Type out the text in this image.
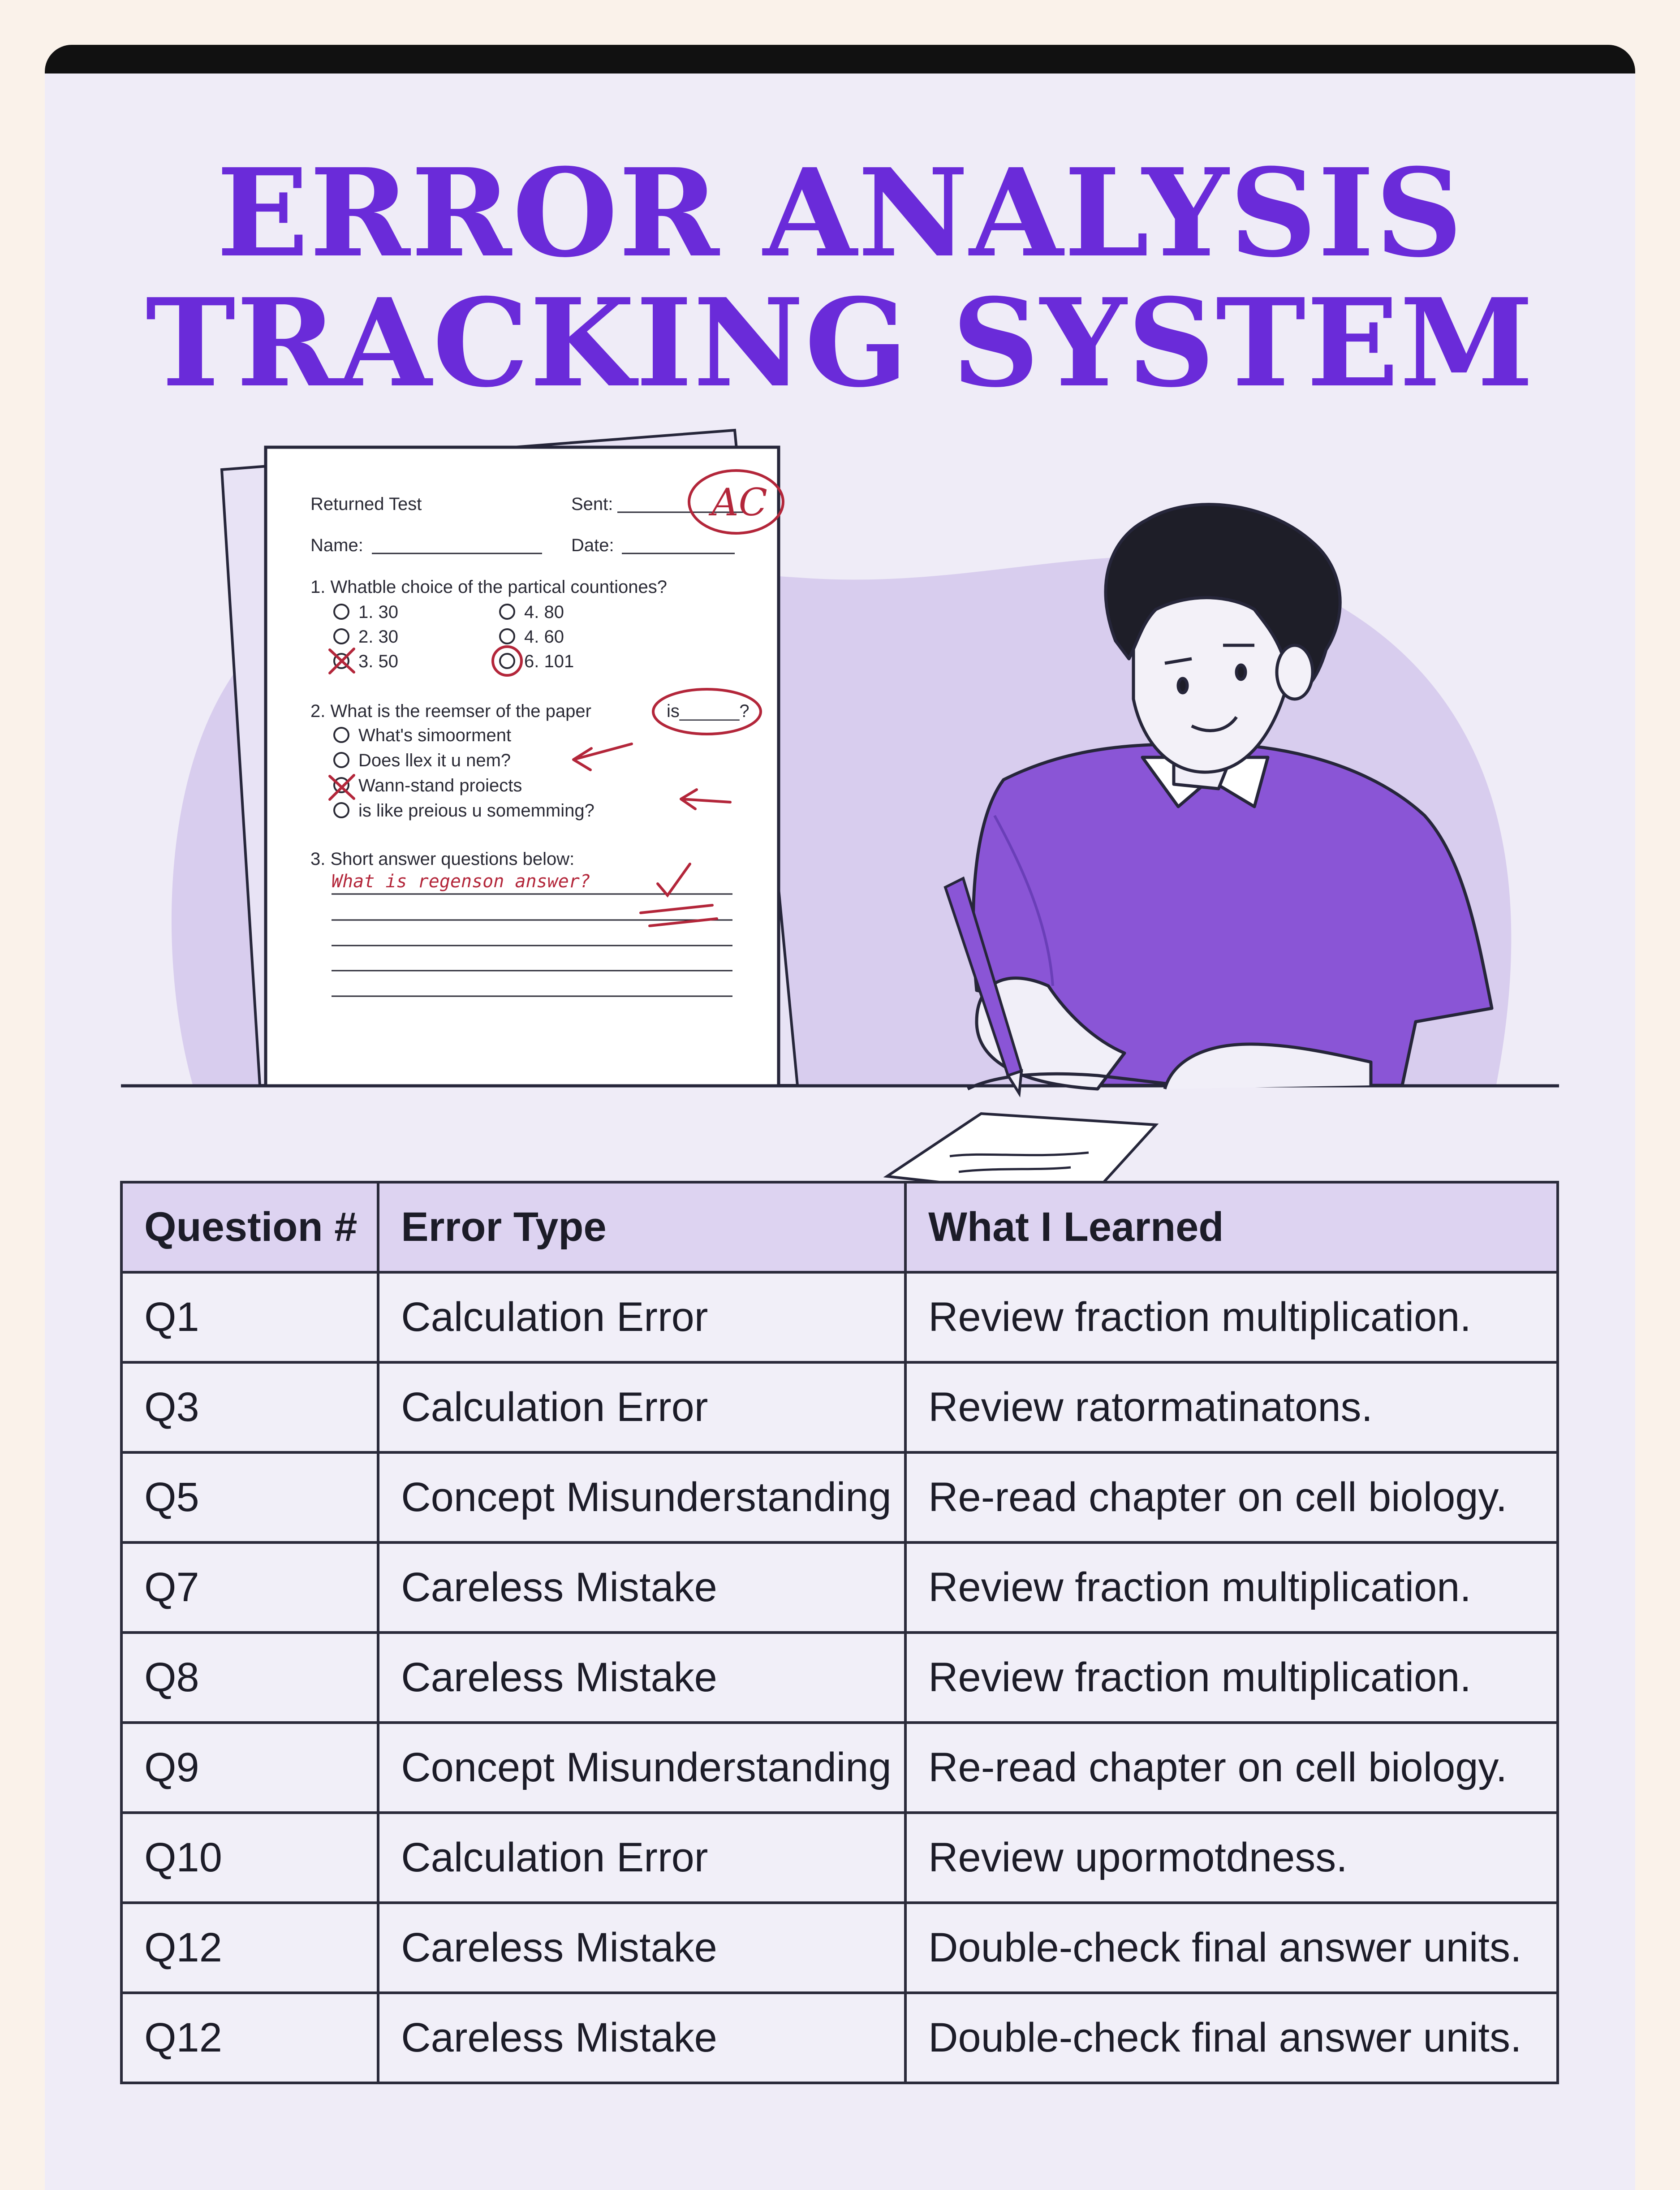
ERROR ANALYSIS
TRACKING SYSTEM
Returned Test	Sent:
Name:	Date:
1. Whatble choice of the partical countiones?
1. 30	4. 80
2. 30	4. 60
3. 50	6. 101
2. What is the reemser of the paper	is______?
What's simoorment
Does llex it u nem?
Wann-stand proiects
is like preious u somemming?
3. Short answer questions below:
What is regenson answer?
AC
Question #	Error Type	What I Learned
Q1	Calculation Error	Review fraction multiplication.
Q3	Calculation Error	Review ratormatinatons.
Q5	Concept Misunderstanding	Re-read chapter on cell biology.
Q7	Careless Mistake	Review fraction multiplication.
Q8	Careless Mistake	Review fraction multiplication.
Q9	Concept Misunderstanding	Re-read chapter on cell biology.
Q10	Calculation Error	Review upormotdness.
Q12	Careless Mistake	Double-check final answer units.
Q12	Careless Mistake	Double-check final answer units.
